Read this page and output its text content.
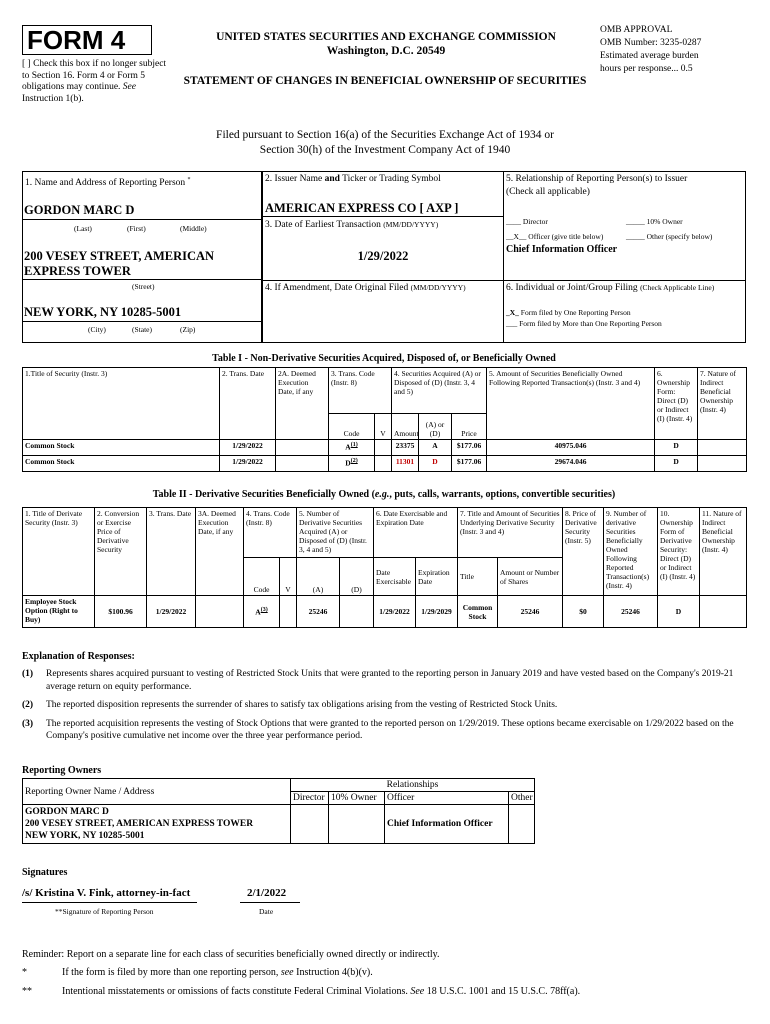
FORM 4
[ ] Check this box if no longer subject to Section 16. Form 4 or Form 5 obligations may continue. See Instruction 1(b).
UNITED STATES SECURITIES AND EXCHANGE COMMISSION
Washington, D.C. 20549
STATEMENT OF CHANGES IN BENEFICIAL OWNERSHIP OF SECURITIES
OMB APPROVAL
OMB Number: 3235-0287
Estimated average burden
hours per response... 0.5
Filed pursuant to Section 16(a) of the Securities Exchange Act of 1934 or
Section 30(h) of the Investment Company Act of 1940
1. Name and Address of Reporting Person *
GORDON MARC D
(Last)	(First)	(Middle)
200 VESEY STREET, AMERICAN EXPRESS TOWER
(Street)
NEW YORK, NY 10285-5001
(City)	(State)	(Zip)
2. Issuer Name and Ticker or Trading Symbol
AMERICAN EXPRESS CO [ AXP ]
3. Date of Earliest Transaction (MM/DD/YYYY)
1/29/2022
4. If Amendment, Date Original Filed (MM/DD/YYYY)
5. Relationship of Reporting Person(s) to Issuer
(Check all applicable)
____ Director	_____ 10% Owner
__X__ Officer (give title below)	_____ Other (specify below)
Chief Information Officer
6. Individual or Joint/Group Filing (Check Applicable Line)
_X_ Form filed by One Reporting Person
___ Form filed by More than One Reporting Person
Table I - Non-Derivative Securities Acquired, Disposed of, or Beneficially Owned
1.Title of Security (Instr. 3)	2. Trans. Date	2A. Deemed Execution Date, if any	3. Trans. Code (Instr. 8)		4. Securities Acquired (A) or Disposed of (D) (Instr. 3, 4 and 5)			5. Amount of Securities Beneficially Owned Following Reported Transaction(s) (Instr. 3 and 4)	6. Ownership Form: Direct (D) or Indirect (I) (Instr. 4)	7. Nature of Indirect Beneficial Ownership (Instr. 4)
			Code	V	Amount	(A) or (D)	Price			
Common Stock	1/29/2022		$A^{(1)}$		23375	A	$177.06	40975.046	D	
Common Stock	1/29/2022		$D^{(2)}$		11301	D	$177.06	29674.046	D	
Table II - Derivative Securities Beneficially Owned (e.g., puts, calls, warrants, options, convertible securities)
1. Title of Derivate Security (Instr. 3)	2. Conversion or Exercise Price of Derivative Security	3. Trans. Date	3A. Deemed Execution Date, if any	4. Trans. Code (Instr. 8)		5. Number of Derivative Securities Acquired (A) or Disposed of (D) (Instr. 3, 4 and 5)		6. Date Exercisable and Expiration Date		7. Title and Amount of Securities Underlying Derivative Security (Instr. 3 and 4)		8. Price of Derivative Security (Instr. 5)	9. Number of derivative Securities Beneficially Owned Following Reported Transaction(s) (Instr. 4)	10. Ownership Form of Derivative Security: Direct (D) or Indirect (I) (Instr. 4)	11. Nature of Indirect Beneficial Ownership (Instr. 4)
				Code	V	(A)	(D)	Date Exercisable	Expiration Date	Title	Amount or Number of Shares				
Employee Stock Option (Right to Buy)	$100.96	1/29/2022		$A^{(3)}$		25246		1/29/2022	1/29/2029	Common Stock	25246	$0	25246	D	
Explanation of Responses:
(1)	Represents shares acquired pursuant to vesting of Restricted Stock Units that were granted to the reporting person in January 2019 and have vested based on the Company's 2019-21 average return on equity performance.
(2)	The reported disposition represents the surrender of shares to satisfy tax obligations arising from the vesting of Restricted Stock Units.
(3)	The reported acquisition represents the vesting of Stock Options that were granted to the reported person on 1/29/2019. These options became exercisable on 1/29/2022 based on the Company's positive cumulative net income over the three year performance period.
Reporting Owners
Reporting Owner Name / Address	Relationships			
	Director	10% Owner	Officer	Other

GORDON MARC D
200 VESEY STREET, AMERICAN EXPRESS TOWER
NEW YORK, NY 10285-5001			Chief Information Officer	
Signatures
/s/ Kristina V. Fink, attorney-in-fact
**Signature of Reporting Person
2/1/2022
Date
Reminder: Report on a separate line for each class of securities beneficially owned directly or indirectly.
*	If the form is filed by more than one reporting person, see Instruction 4(b)(v).
**	Intentional misstatements or omissions of facts constitute Federal Criminal Violations. See 18 U.S.C. 1001 and 15 U.S.C. 78ff(a).
